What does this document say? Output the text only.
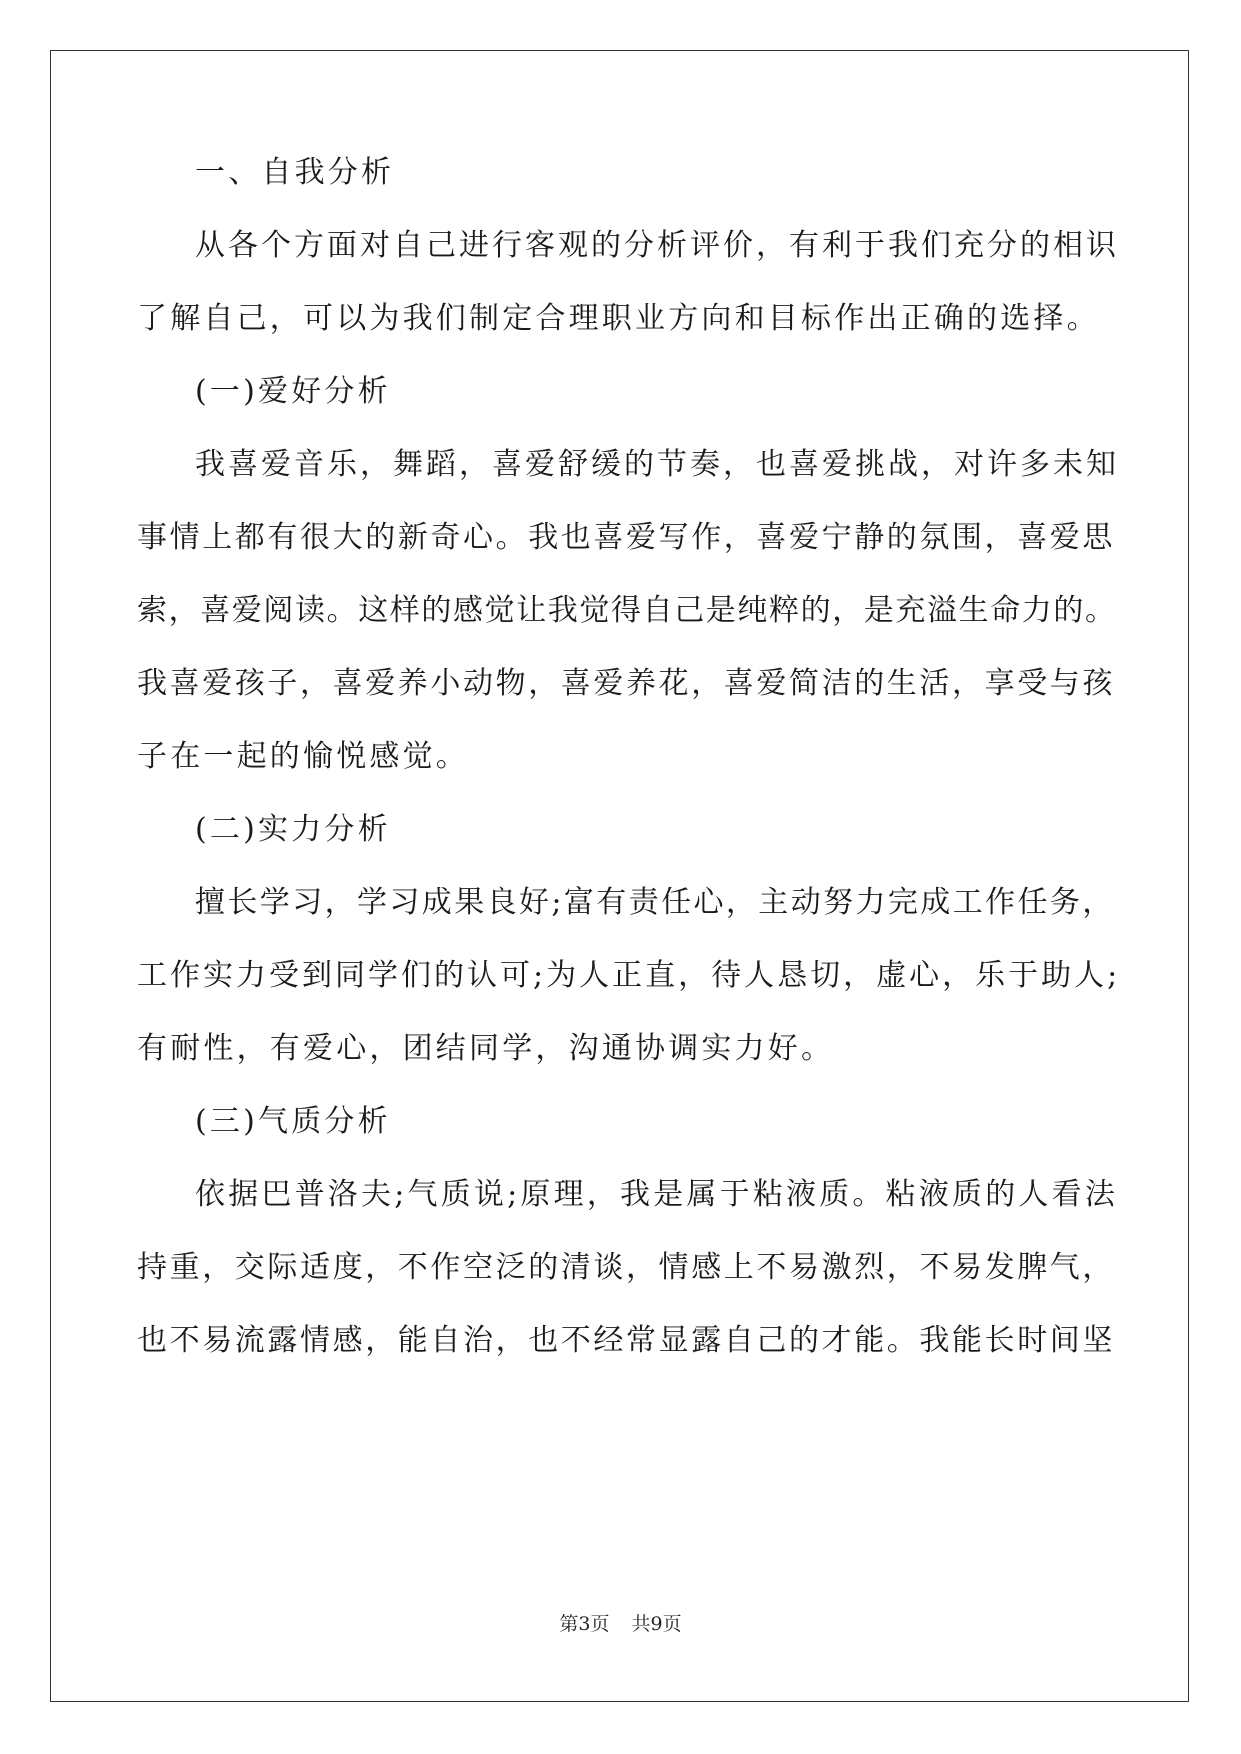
一、自我分析
从各个方面对自己进行客观的分析评价，有利于我们充分的相识
了解自己，可以为我们制定合理职业方向和目标作出正确的选择。
(一)爱好分析
我喜爱音乐，舞蹈，喜爱舒缓的节奏，也喜爱挑战，对许多未知
事情上都有很大的新奇心。我也喜爱写作，喜爱宁静的氛围，喜爱思
索，喜爱阅读。这样的感觉让我觉得自己是纯粹的，是充溢生命力的。
我喜爱孩子，喜爱养小动物，喜爱养花，喜爱简洁的生活，享受与孩
子在一起的愉悦感觉。
(二)实力分析
擅长学习，学习成果良好;富有责任心，主动努力完成工作任务，
工作实力受到同学们的认可;为人正直，待人恳切，虚心，乐于助人;
有耐性，有爱心，团结同学，沟通协调实力好。
(三)气质分析
依据巴普洛夫;气质说;原理，我是属于粘液质。粘液质的人看法
持重，交际适度，不作空泛的清谈，情感上不易激烈，不易发脾气，
也不易流露情感，能自治，也不经常显露自己的才能。我能长时间坚
第3页 共9页
